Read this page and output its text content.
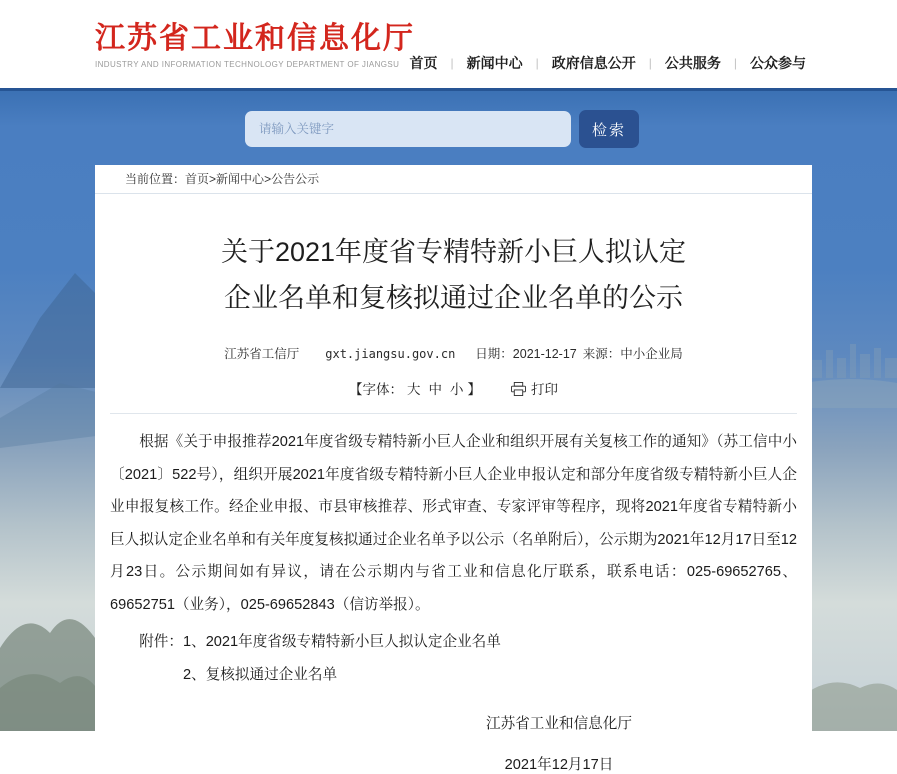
江苏省工业和信息化厅
INDUSTRY AND INFORMATION TECHNOLOGY DEPARTMENT OF JIANGSU 首页	| 新闻中心	| 政府信息公开	| 公共服务	| 公众参与
请输入关键字
检索
当前位置：首页>新闻中心>公告公示
关于2021年度省专精特新小巨人拟认定
企业名单和复核拟通过企业名单的公示
江苏省工信厅 gxt.jiangsu.gov.cn 日期：2021-12-17 来源：中小企业局
【字体： 大 中 小 】	打印

根据《关于申报推荐2021年度省级专精特新小巨人企业和组织开展有关复核工作的通知》（苏工信中小〔2021〕522号），组织开展2021年度省级专精特新小巨人企业申报认定和部分年度省级专精特新小巨人企业申报复核工作。经企业申报、市县审核推荐、形式审查、专家评审等程序，现将2021年度省专精特新小巨人拟认定企业名单和有关年度复核拟通过企业名单予以公示（名单附后），公示期为2021年12月17日至12月23日。公示期间如有异议，请在公示期内与省工业和信息化厅联系，联系电话：025-69652765、69652751（业务），025-69652843（信访举报）。

附件：1、2021年度省级专精特新小巨人拟认定企业名单
2、复核拟通过企业名单
江苏省工业和信息化厅
2021年12月17日
